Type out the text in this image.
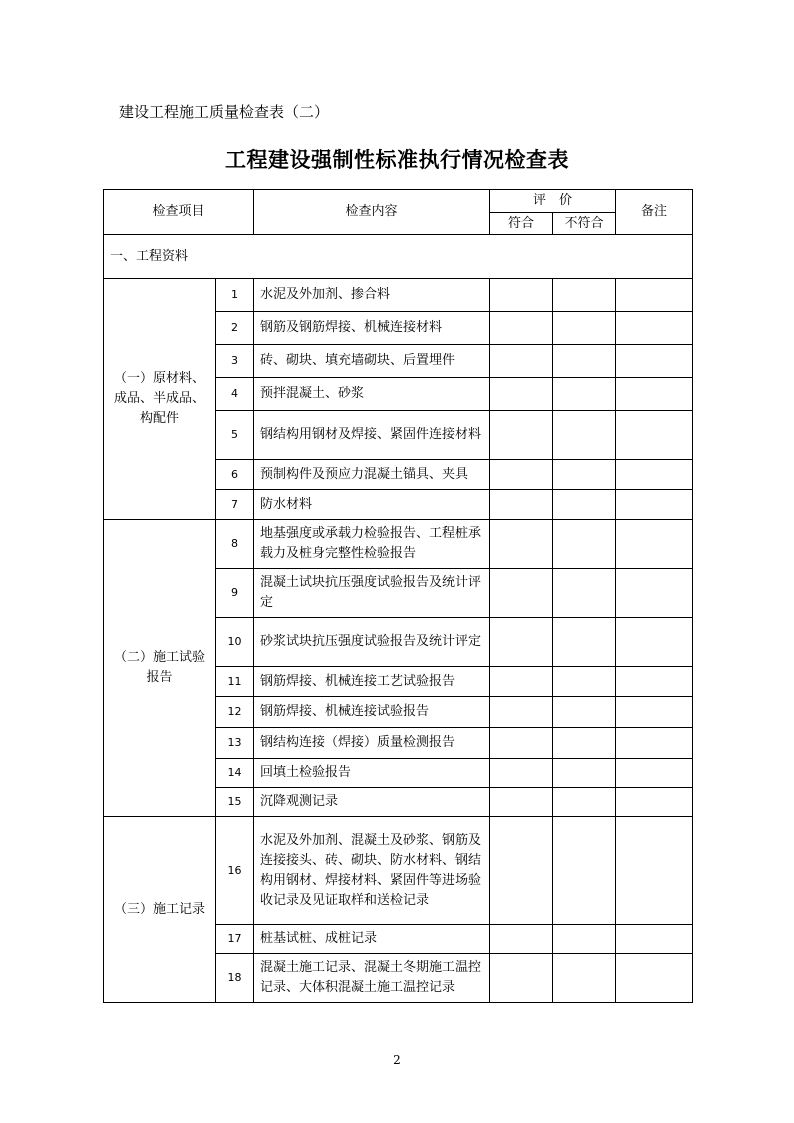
建设工程施工质量检查表（二）
工程建设强制性标准执行情况检查表
检查项目		检查内容	评　价		备注
			符合	不符合	
一、工程资料					
（一）原材料、成品、半成品、构配件	1	水泥及外加剂、掺合料			
	2	钢筋及钢筋焊接、机械连接材料			
	3	砖、砌块、填充墙砌块、后置埋件			
	4	预拌混凝土、砂浆			
	5	钢结构用钢材及焊接、紧固件连接材料			
	6	预制构件及预应力混凝土锚具、夹具			
	7	防水材料			
（二）施工试验报告	8	地基强度或承载力检验报告、工程桩承载力及桩身完整性检验报告			
	9	混凝土试块抗压强度试验报告及统计评定			
	10	砂浆试块抗压强度试验报告及统计评定			
	11	钢筋焊接、机械连接工艺试验报告			
	12	钢筋焊接、机械连接试验报告			
	13	钢结构连接（焊接）质量检测报告			
	14	回填土检验报告			
	15	沉降观测记录			
（三）施工记录	16	水泥及外加剂、混凝土及砂浆、钢筋及连接接头、砖、砌块、防水材料、钢结构用钢材、焊接材料、紧固件等进场验收记录及见证取样和送检记录			
	17	桩基试桩、成桩记录			
	18	混凝土施工记录、混凝土冬期施工温控记录、大体积混凝土施工温控记录			
2
